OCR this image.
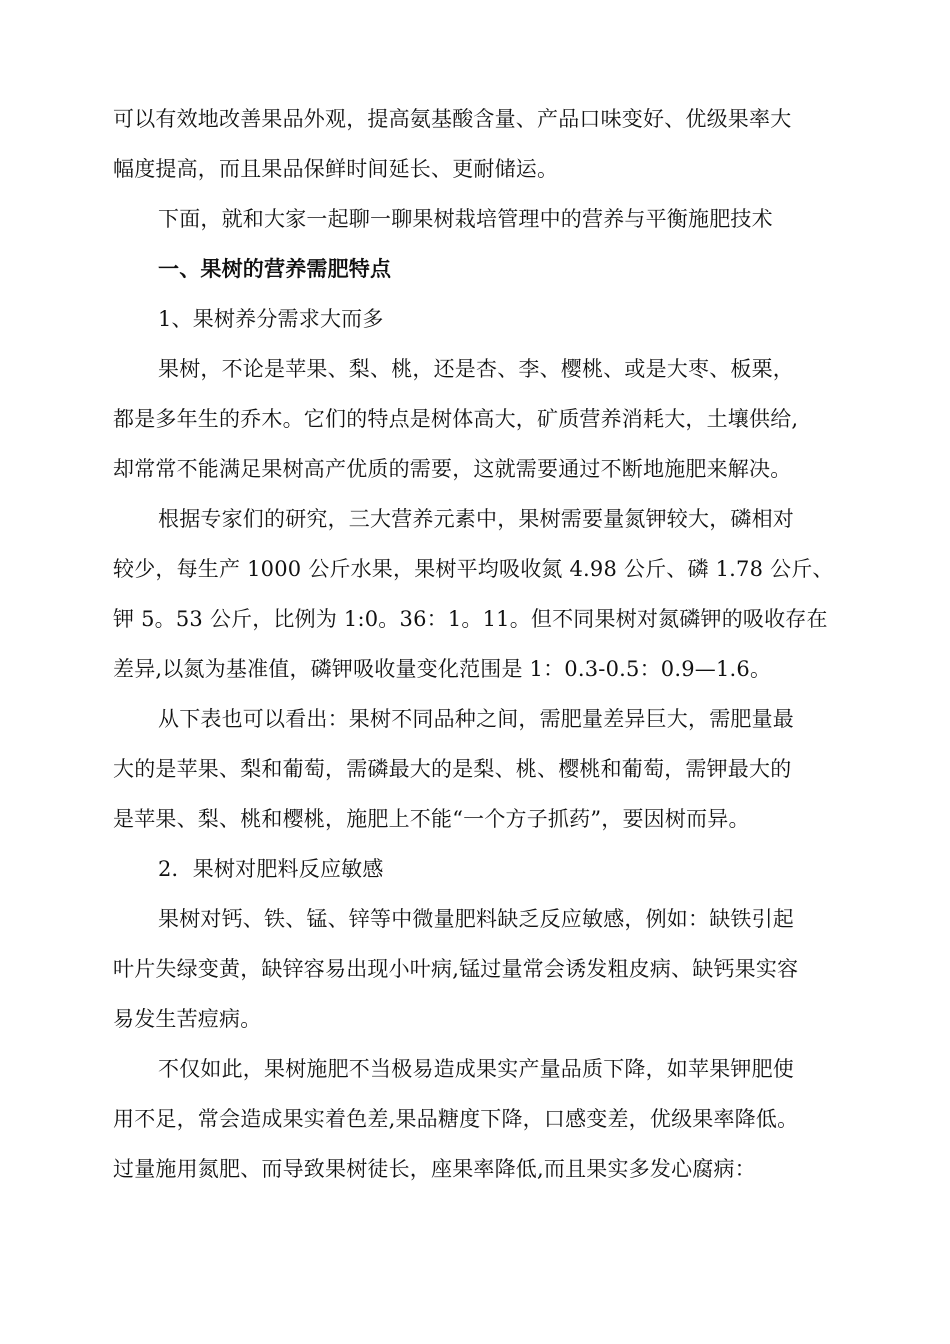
可以有效地改善果品外观，提高氨基酸含量、产品口味变好、优级果率大
幅度提高，而且果品保鲜时间延长、更耐储运。
下面，就和大家一起聊一聊果树栽培管理中的营养与平衡施肥技术
一、果树的营养需肥特点
1、果树养分需求大而多
果树，不论是苹果、梨、桃，还是杏、李、樱桃、或是大枣、板栗，
都是多年生的乔木。它们的特点是树体高大，矿质营养消耗大，土壤供给,
却常常不能满足果树高产优质的需要，这就需要通过不断地施肥来解决。
根据专家们的研究，三大营养元素中，果树需要量氮钾较大，磷相对
较少，每生产 1000 公斤水果，果树平均吸收氮 4.98 公斤、磷 1.78 公斤、
钾 5。53 公斤，比例为 1:0。36：1。11。但不同果树对氮磷钾的吸收存在
差异,以氮为基准值，磷钾吸收量变化范围是 1：0.3-0.5：0.9—1.6。
从下表也可以看出：果树不同品种之间，需肥量差异巨大，需肥量最
大的是苹果、梨和葡萄，需磷最大的是梨、桃、樱桃和葡萄，需钾最大的
是苹果、梨、桃和樱桃，施肥上不能“一个方子抓药”，要因树而异。
2．果树对肥料反应敏感
果树对钙、铁、锰、锌等中微量肥料缺乏反应敏感，例如：缺铁引起
叶片失绿变黄，缺锌容易出现小叶病,锰过量常会诱发粗皮病、缺钙果实容
易发生苦痘病。
不仅如此，果树施肥不当极易造成果实产量品质下降，如苹果钾肥使
用不足，常会造成果实着色差,果品糖度下降，口感变差，优级果率降低。
过量施用氮肥、而导致果树徒长，座果率降低,而且果实多发心腐病：
